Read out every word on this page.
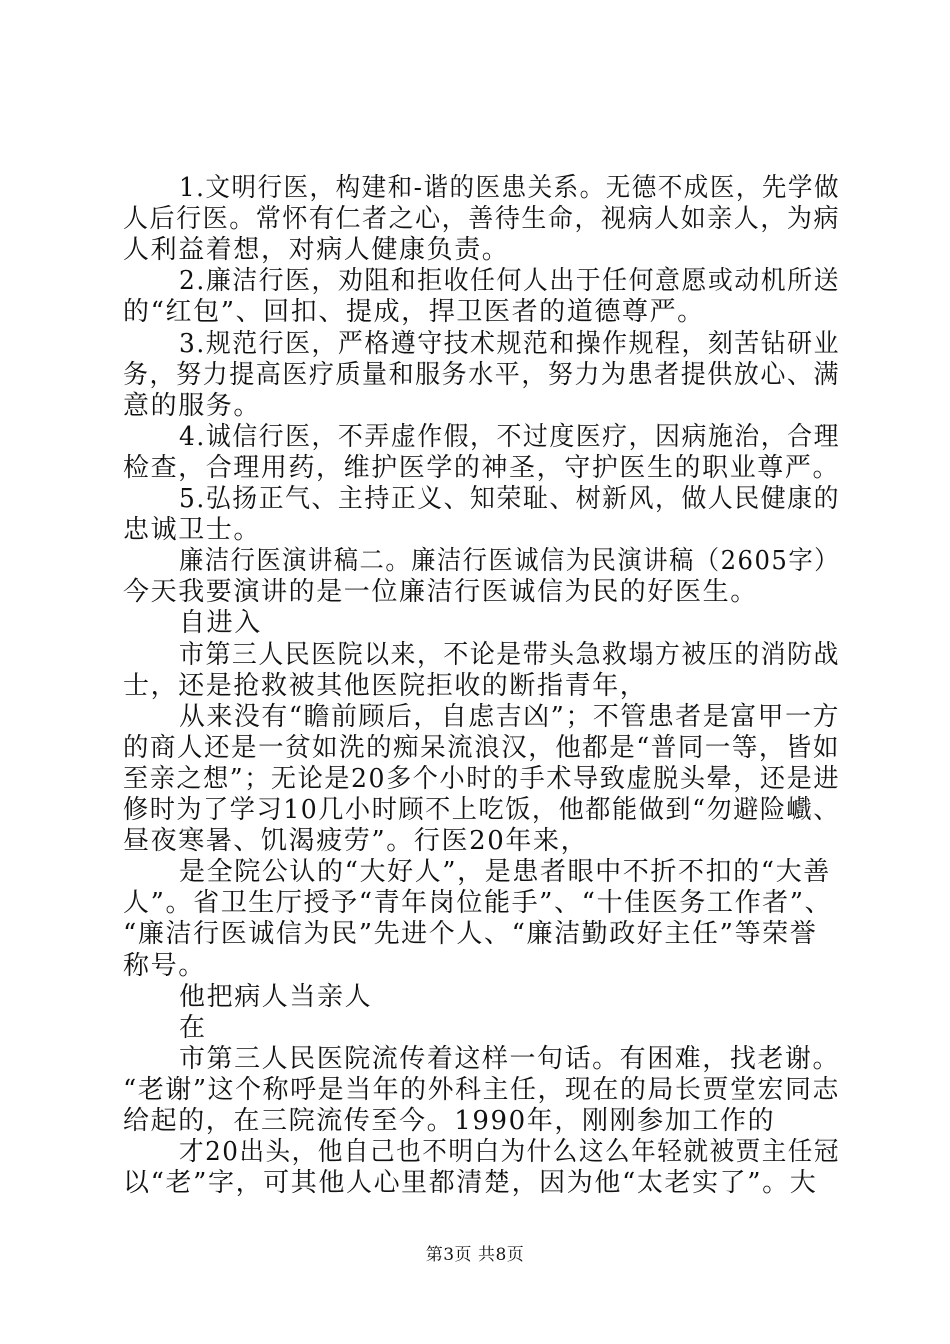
1.文明行医，构建和-谐的医患关系。无德不成医，先学做
人后行医。常怀有仁者之心，善待生命，视病人如亲人，为病
人利益着想，对病人健康负责。
2.廉洁行医，劝阻和拒收任何人出于任何意愿或动机所送
的“红包”、回扣、提成，捍卫医者的道德尊严。
3.规范行医，严格遵守技术规范和操作规程，刻苦钻研业
务，努力提高医疗质量和服务水平，努力为患者提供放心、满
意的服务。
4.诚信行医，不弄虚作假，不过度医疗，因病施治，合理
检查，合理用药，维护医学的神圣，守护医生的职业尊严。
5.弘扬正气、主持正义、知荣耻、树新风，做人民健康的
忠诚卫士。
廉洁行医演讲稿二。廉洁行医诚信为民演讲稿（2605字）
今天我要演讲的是一位廉洁行医诚信为民的好医生。
自进入
市第三人民医院以来，不论是带头急救塌方被压的消防战
士，还是抢救被其他医院拒收的断指青年，
从来没有“瞻前顾后，自虑吉凶”；不管患者是富甲一方
的商人还是一贫如洗的痴呆流浪汉，他都是“普同一等，皆如
至亲之想”；无论是20多个小时的手术导致虚脱头晕，还是进
修时为了学习10几小时顾不上吃饭，他都能做到“勿避险巇、
昼夜寒暑、饥渴疲劳”。行医20年来，
是全院公认的“大好人”，是患者眼中不折不扣的“大善
人”。省卫生厅授予“青年岗位能手”、“十佳医务工作者”、
“廉洁行医诚信为民”先进个人、“廉洁勤政好主任”等荣誉
称号。
他把病人当亲人
在
市第三人民医院流传着这样一句话。有困难，找老谢。
“老谢”这个称呼是当年的外科主任，现在的局长贾堂宏同志
给起的，在三院流传至今。1990年，刚刚参加工作的
才20出头，他自己也不明白为什么这么年轻就被贾主任冠
以“老”字，可其他人心里都清楚，因为他“太老实了”。大
第3页 共8页
